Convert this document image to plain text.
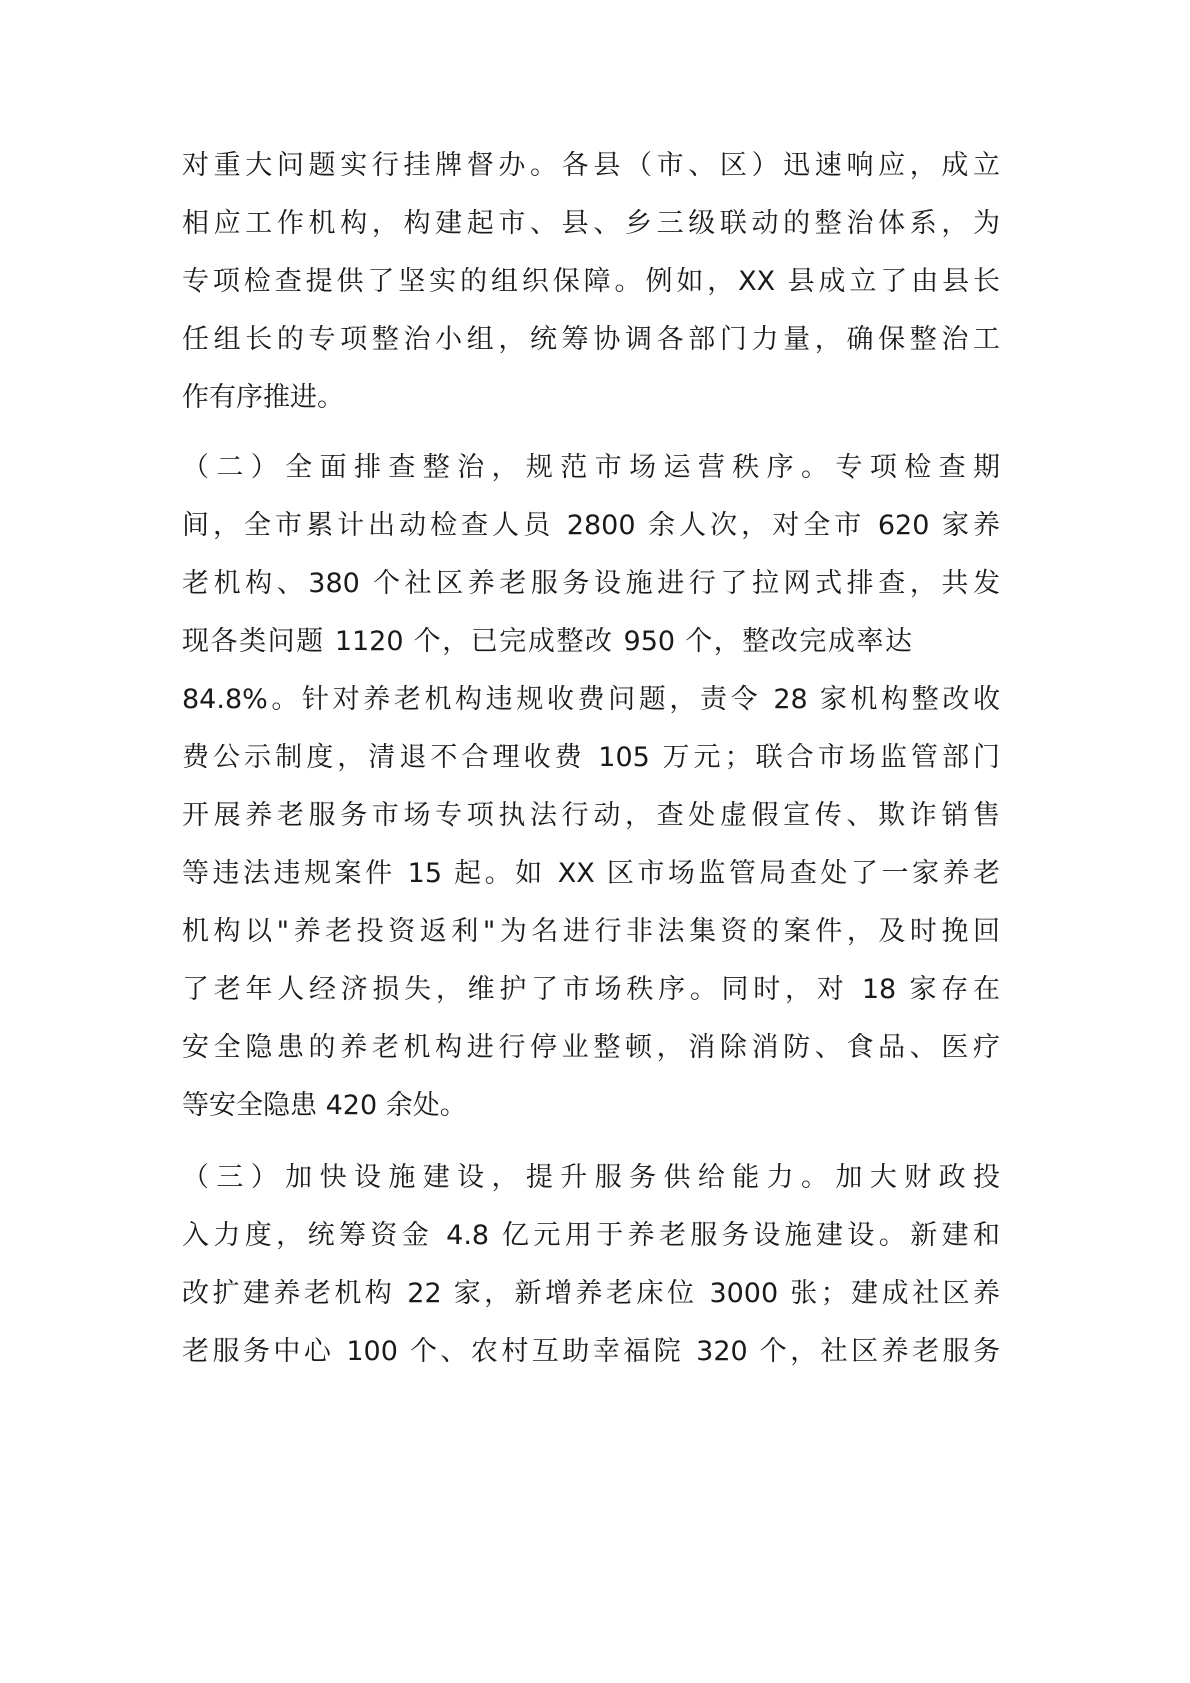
对重大问题实行挂牌督办。各县（市、区）迅速响应，成立
相应工作机构，构建起市、县、乡三级联动的整治体系，为
专项检查提供了坚实的组织保障。例如，XX 县成立了由县长
任组长的专项整治小组，统筹协调各部门力量，确保整治工
作有序推进。
（二）全面排查整治，规范市场运营秩序。专项检查期
间，全市累计出动检查人员 2800 余人次，对全市 620 家养
老机构、380 个社区养老服务设施进行了拉网式排查，共发
现各类问题 1120 个，已完成整改 950 个，整改完成率达
84.8%。针对养老机构违规收费问题，责令 28 家机构整改收
费公示制度，清退不合理收费 105 万元；联合市场监管部门
开展养老服务市场专项执法行动，查处虚假宣传、欺诈销售
等违法违规案件 15 起。如 XX 区市场监管局查处了一家养老
机构以"养老投资返利"为名进行非法集资的案件，及时挽回
了老年人经济损失，维护了市场秩序。同时，对 18 家存在
安全隐患的养老机构进行停业整顿，消除消防、食品、医疗
等安全隐患 420 余处。
（三）加快设施建设，提升服务供给能力。加大财政投
入力度，统筹资金 4.8 亿元用于养老服务设施建设。新建和
改扩建养老机构 22 家，新增养老床位 3000 张；建成社区养
老服务中心 100 个、农村互助幸福院 320 个，社区养老服务
